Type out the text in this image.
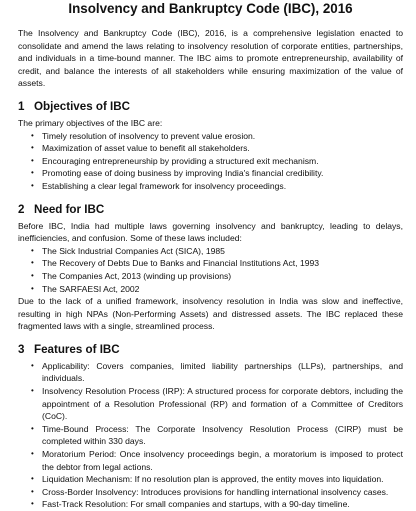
Insolvency and Bankruptcy Code (IBC), 2016

The Insolvency and Bankruptcy Code (IBC), 2016, is a comprehensive legislation enacted to consolidate and amend the laws relating to insolvency resolution of corporate entities, partnerships, and individuals in a time-bound manner. The IBC aims to promote entrepreneurship, availability of credit, and balance the interests of all stakeholders while ensuring maximization of the value of assets.

1 Objectives of IBC

The primary objectives of the IBC are:

• Timely resolution of insolvency to prevent value erosion.
• Maximization of asset value to benefit all stakeholders.
• Encouraging entrepreneurship by providing a structured exit mechanism.
• Promoting ease of doing business by improving India's financial credibility.
• Establishing a clear legal framework for insolvency proceedings.
2 Need for IBC

Before IBC, India had multiple laws governing insolvency and bankruptcy, leading to delays, inefficiencies, and confusion. Some of these laws included:

• The Sick Industrial Companies Act (SICA), 1985
• The Recovery of Debts Due to Banks and Financial Institutions Act, 1993
• The Companies Act, 2013 (winding up provisions)
• The SARFAESI Act, 2002

Due to the lack of a unified framework, insolvency resolution in India was slow and ineffective, resulting in high NPAs (Non-Performing Assets) and distressed assets. The IBC replaced these fragmented laws with a single, streamlined process.

3 Features of IBC
• Applicability: Covers companies, limited liability partnerships (LLPs), partnerships, and individuals.
• Insolvency Resolution Process (IRP): A structured process for corporate debtors, including the appointment of a Resolution Professional (RP) and formation of a Committee of Creditors (CoC).
• Time-Bound Process: The Corporate Insolvency Resolution Process (CIRP) must be completed within 330 days.
• Moratorium Period: Once insolvency proceedings begin, a moratorium is imposed to protect the debtor from legal actions.
• Liquidation Mechanism: If no resolution plan is approved, the entity moves into liquidation.
• Cross-Border Insolvency: Introduces provisions for handling international insolvency cases.
• Fast-Track Resolution: For small companies and startups, with a 90-day timeline.
